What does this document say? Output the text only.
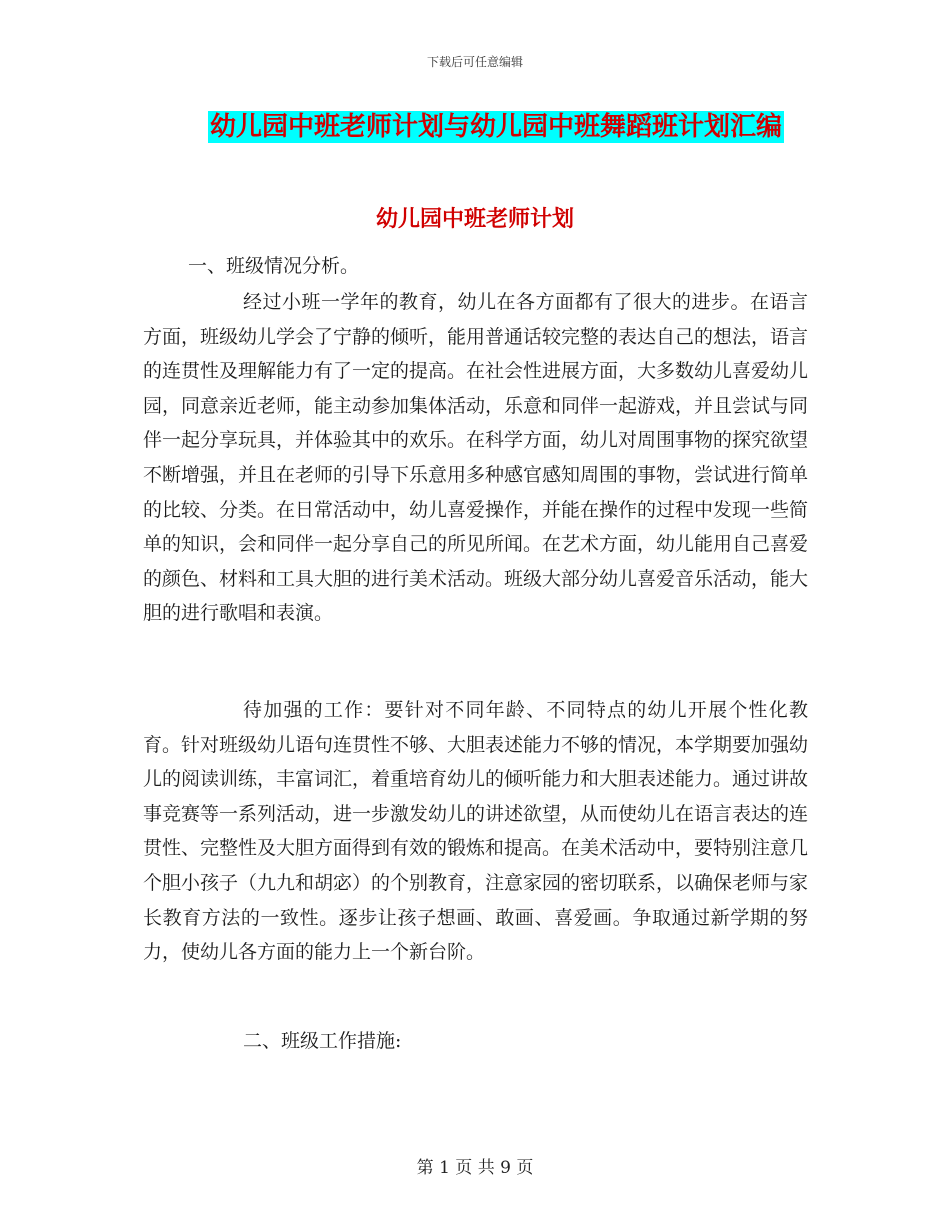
下载后可任意编辑
幼儿园中班老师计划与幼儿园中班舞蹈班计划汇编
幼儿园中班老师计划

一、班级情况分析。

经过小班一学年的教育，幼儿在各方面都有了很大的进步。在语言方面，班级幼儿学会了宁静的倾听，能用普通话较完整的表达自己的想法，语言的连贯性及理解能力有了一定的提高。在社会性进展方面，大多数幼儿喜爱幼儿园，同意亲近老师，能主动参加集体活动，乐意和同伴一起游戏，并且尝试与同伴一起分享玩具，并体验其中的欢乐。在科学方面，幼儿对周围事物的探究欲望不断增强，并且在老师的引导下乐意用多种感官感知周围的事物，尝试进行简单的比较、分类。在日常活动中，幼儿喜爱操作，并能在操作的过程中发现一些简单的知识，会和同伴一起分享自己的所见所闻。在艺术方面，幼儿能用自己喜爱的颜色、材料和工具大胆的进行美术活动。班级大部分幼儿喜爱音乐活动，能大胆的进行歌唱和表演。

待加强的工作：要针对不同年龄、不同特点的幼儿开展个性化教育。针对班级幼儿语句连贯性不够、大胆表述能力不够的情况，本学期要加强幼儿的阅读训练，丰富词汇，着重培育幼儿的倾听能力和大胆表述能力。通过讲故事竞赛等一系列活动，进一步激发幼儿的讲述欲望，从而使幼儿在语言表达的连贯性、完整性及大胆方面得到有效的锻炼和提高。在美术活动中，要特别注意几个胆小孩子（九九和胡宓）的个别教育，注意家园的密切联系，以确保老师与家长教育方法的一致性。逐步让孩子想画、敢画、喜爱画。争取通过新学期的努力，使幼儿各方面的能力上一个新台阶。

二、班级工作措施:

第 1 页 共 9 页
